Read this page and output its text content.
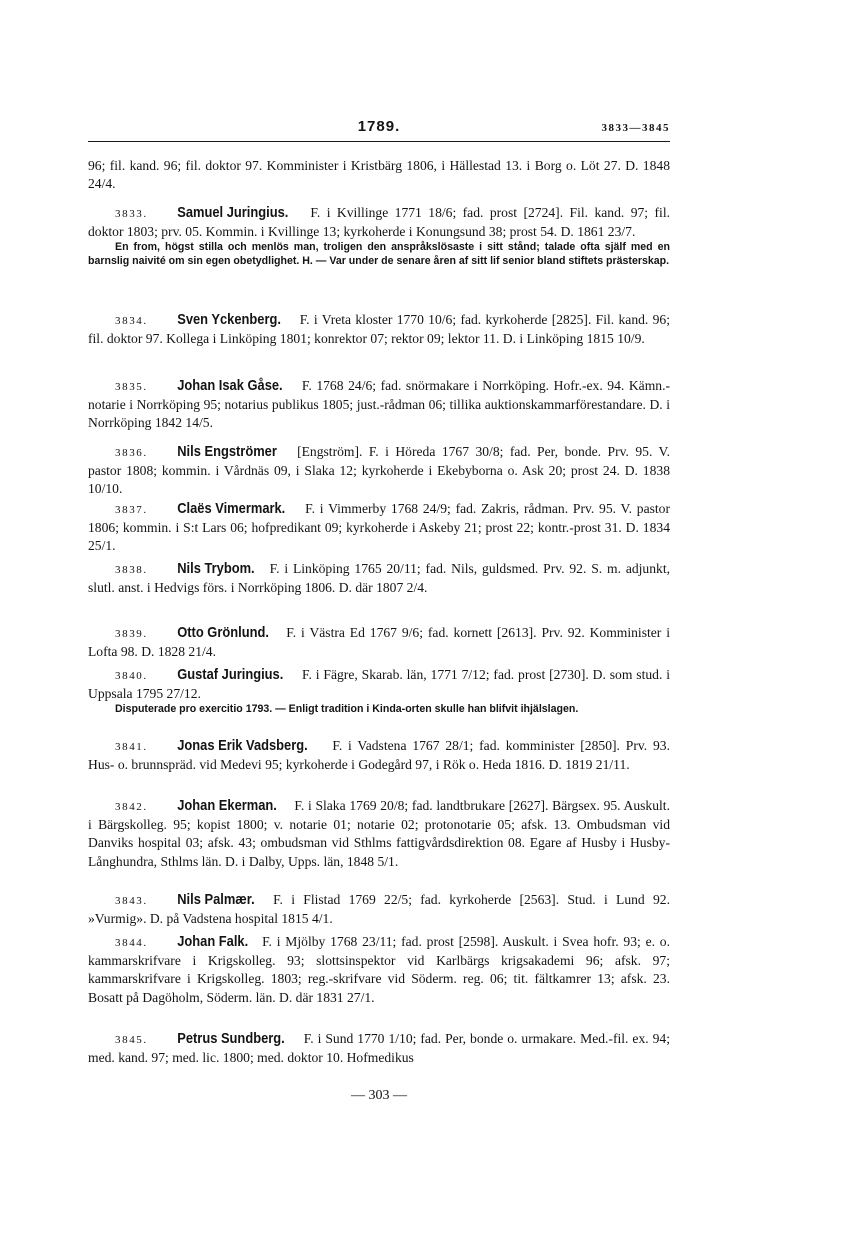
1789.	3833—3845

96; fil. kand. 96; fil. doktor 97. Komminister i Kristbärg 1806, i Hällestad 13. i Borg o. Löt 27. D. 1848 24/4.

3833. Samuel Juringius. F. i Kvillinge 1771 18/6; fad. prost [2724]. Fil. kand. 97; fil. doktor 1803; prv. 05. Kommin. i Kvillinge 13; kyrkoherde i Konungsund 38; prost 54. D. 1861 23/7.

En from, högst stilla och menlös man, troligen den anspråkslösaste i sitt stånd; talade ofta själf med en barnslig naivité om sin egen obetydlighet. H. — Var under de senare åren af sitt lif senior bland stiftets prästerskap.

3834. Sven Yckenberg. F. i Vreta kloster 1770 10/6; fad. kyrkoherde [2825]. Fil. kand. 96; fil. doktor 97. Kollega i Linköping 1801; konrektor 07; rektor 09; lektor 11. D. i Linköping 1815 10/9.

3835. Johan Isak Gåse. F. 1768 24/6; fad. snörmakare i Norrköping. Hofr.-ex. 94. Kämn.-notarie i Norrköping 95; notarius publikus 1805; just.-rådman 06; tillika auktionskammarförestandare. D. i Norrköping 1842 14/5.

3836. Nils Engströmer [Engström]. F. i Höreda 1767 30/8; fad. Per, bonde. Prv. 95. V. pastor 1808; kommin. i Vårdnäs 09, i Slaka 12; kyrkoherde i Ekebyborna o. Ask 20; prost 24. D. 1838 10/10.

3837. Claës Vimermark. F. i Vimmerby 1768 24/9; fad. Zakris, rådman. Prv. 95. V. pastor 1806; kommin. i S:t Lars 06; hofpredikant 09; kyrkoherde i Askeby 21; prost 22; kontr.-prost 31. D. 1834 25/1.

3838. Nils Trybom. F. i Linköping 1765 20/11; fad. Nils, guldsmed. Prv. 92. S. m. adjunkt, slutl. anst. i Hedvigs förs. i Norrköping 1806. D. där 1807 2/4.

3839. Otto Grönlund. F. i Västra Ed 1767 9/6; fad. kornett [2613]. Prv. 92. Komminister i Lofta 98. D. 1828 21/4.

3840. Gustaf Juringius. F. i Fägre, Skarab. län, 1771 7/12; fad. prost [2730]. D. som stud. i Uppsala 1795 27/12.

Disputerade pro exercitio 1793. — Enligt tradition i Kinda-orten skulle han blifvit ihjälslagen.

3841. Jonas Erik Vadsberg. F. i Vadstena 1767 28/1; fad. komminister [2850]. Prv. 93. Hus- o. brunnspräd. vid Medevi 95; kyrkoherde i Godegård 97, i Rök o. Heda 1816. D. 1819 21/11.

3842. Johan Ekerman. F. i Slaka 1769 20/8; fad. landtbrukare [2627]. Bärgsex. 95. Auskult. i Bärgskolleg. 95; kopist 1800; v. notarie 01; notarie 02; protonotarie 05; afsk. 13. Ombudsman vid Danviks hospital 03; afsk. 43; ombudsman vid Sthlms fattigvårdsdirektion 08. Egare af Husby i Husby-Långhundra, Sthlms län. D. i Dalby, Upps. län, 1848 5/1.

3843. Nils Palmær. F. i Flistad 1769 22/5; fad. kyrkoherde [2563]. Stud. i Lund 92. »Vurmig». D. på Vadstena hospital 1815 4/1.

3844. Johan Falk. F. i Mjölby 1768 23/11; fad. prost [2598]. Auskult. i Svea hofr. 93; e. o. kammarskrifvare i Krigskolleg. 93; slottsinspektor vid Karlbärgs krigsakademi 96; afsk. 97; kammarskrifvare i Krigskolleg. 1803; reg.-skrifvare vid Söderm. reg. 06; tit. fältkamrer 13; afsk. 23. Bosatt på Dagöholm, Söderm. län. D. där 1831 27/1.

3845. Petrus Sundberg. F. i Sund 1770 1/10; fad. Per, bonde o. urmakare. Med.-fil. ex. 94; med. kand. 97; med. lic. 1800; med. doktor 10. Hofmedikus

— 303 —
